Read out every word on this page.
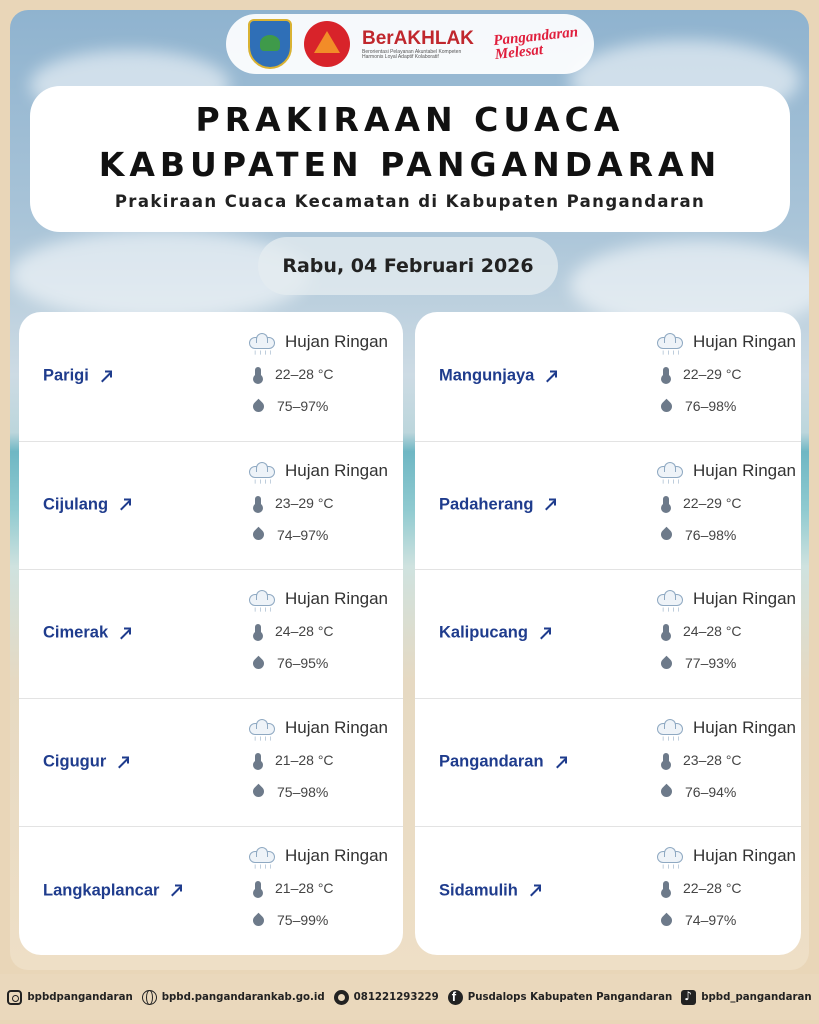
BerAKHLAK
Berorientasi Pelayanan Akuntabel Kompeten Harmonis Loyal Adaptif Kolaboratif
Pangandaran Melesat
PRAKIRAAN CUACA
KABUPATEN PANGANDARAN
Prakiraan Cuaca Kecamatan di Kabupaten Pangandaran
Rabu, 04 Februari 2026
Parigi
╵╵╵╵
Hujan Ringan
22–28 °C
75–97%
Cijulang
╵╵╵╵
Hujan Ringan
23–29 °C
74–97%
Cimerak
╵╵╵╵
Hujan Ringan
24–28 °C
76–95%
Cigugur
╵╵╵╵
Hujan Ringan
21–28 °C
75–98%
Langkaplancar
╵╵╵╵
Hujan Ringan
21–28 °C
75–99%
Mangunjaya
╵╵╵╵
Hujan Ringan
22–29 °C
76–98%
Padaherang
╵╵╵╵
Hujan Ringan
22–29 °C
76–98%
Kalipucang
╵╵╵╵
Hujan Ringan
24–28 °C
77–93%
Pangandaran
╵╵╵╵
Hujan Ringan
23–28 °C
76–94%
Sidamulih
╵╵╵╵
Hujan Ringan
22–28 °C
74–97%
bpbdpangandaran	bpbd.pangandarankab.go.id	081221293229 f	Pusdalops Kabupaten Pangandaran ♪	bpbd_pangandaran
